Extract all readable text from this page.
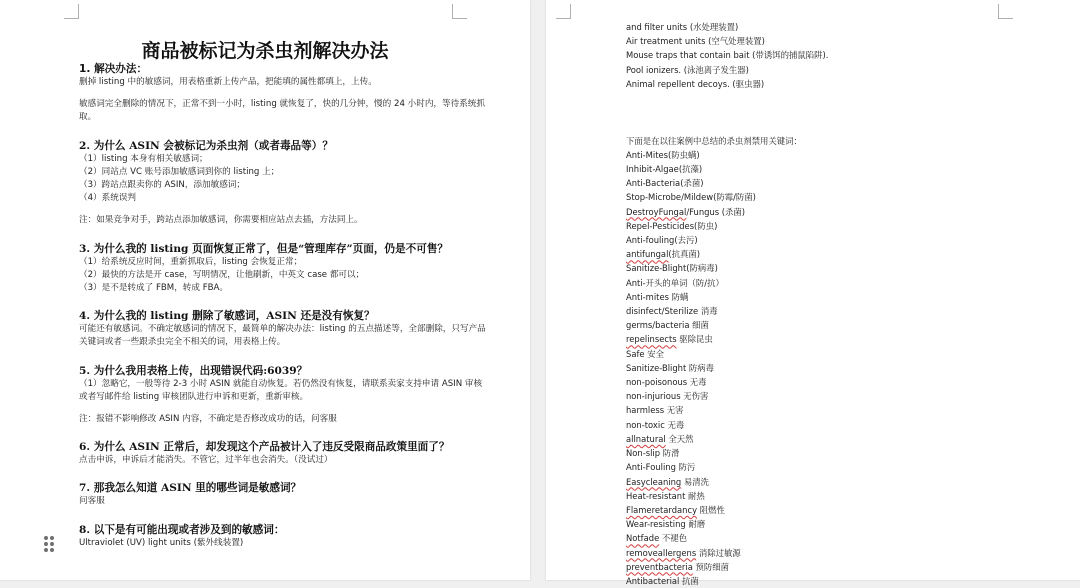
商品被标记为杀虫剂解决办法
1. 解决办法：

删掉 listing 中的敏感词，用表格重新上传产品，把能填的属性都填上，上传。

敏感词完全删除的情况下，正常不到一小时，listing 就恢复了，快的几分钟，慢的 24 小时内，等待系统抓取。

2. 为什么 ASIN 会被标记为杀虫剂（或者毒品等）？

（1）listing 本身有相关敏感词；

（2）同站点 VC 账号添加敏感词到你的 listing 上；

（3）跨站点跟卖你的 ASIN，添加敏感词；

（4）系统误判

注：如果竞争对手，跨站点添加敏感词，你需要相应站点去插，方法同上。

3. 为什么我的 listing 页面恢复正常了，但是“管理库存”页面，仍是不可售？

（1）给系统反应时间，重新抓取后，listing 会恢复正常；

（2）最快的方法是开 case，写明情况，让他刷新，中英文 case 都可以；

（3）是不是转成了 FBM，转成 FBA。

4. 为什么我的 listing 删除了敏感词，ASIN 还是没有恢复？

可能还有敏感词。不确定敏感词的情况下，最简单的解决办法：listing 的五点描述等，全部删除，只写产品关键词或者一些跟杀虫完全不相关的词，用表格上传。

5. 为什么我用表格上传，出现错误代码:6039？

（1）忽略它，一般等待 2-3 小时 ASIN 就能自动恢复。若仍然没有恢复，请联系卖家支持申请 ASIN 审核或者写邮件给 listing 审核团队进行申诉和更新，重新审核。

注：报错不影响修改 ASIN 内容，不确定是否修改成功的话，问客服

6. 为什么 ASIN 正常后，却发现这个产品被计入了违反受限商品政策里面了？

点击申诉，申诉后才能消失。不管它，过半年也会消失。（没试过）

7. 那我怎么知道 ASIN 里的哪些词是敏感词？

问客服

8. 以下是有可能出现或者涉及到的敏感词：

Ultraviolet (UV) light units (紫外线装置)

and filter units (水处理装置)

Air treatment units (空气处理装置)

Mouse traps that contain bait (带诱饵的捕鼠陷阱).

Pool ionizers. (泳池离子发生器)

Animal repellent decoys. (驱虫器)

下面是在以往案例中总结的杀虫剂禁用关键词：

Anti-Mites(防虫螨)

Inhibit-Algae(抗藻)

Anti-Bacteria(杀菌)

Stop-Microbe/Mildew(防霉/防菌)

DestroyFungal/Fungus (杀菌)

Repel-Pesticides(防虫)

Anti-fouling(去污)

antifungal(抗真菌)

Sanitize-Blight(防病毒)

Anti-开头的单词（防/抗）

Anti-mites 防螨

disinfect/Sterilize 消毒

germs/bacteria 细菌

repelinsects 驱除昆虫

Safe 安全

Sanitize-Blight 防病毒

non-poisonous 无毒

non-injurious 无伤害

harmless 无害

non-toxic 无毒

allnatural 全天然

Non-slip 防滑

Anti-Fouling 防污

Easycleaning 易清洗

Heat-resistant 耐热

Flameretardancy 阻燃性

Wear-resisting 耐磨

Notfade 不褪色

removeallergens 消除过敏源

preventbacteria 预防细菌

Antibacterial 抗菌
